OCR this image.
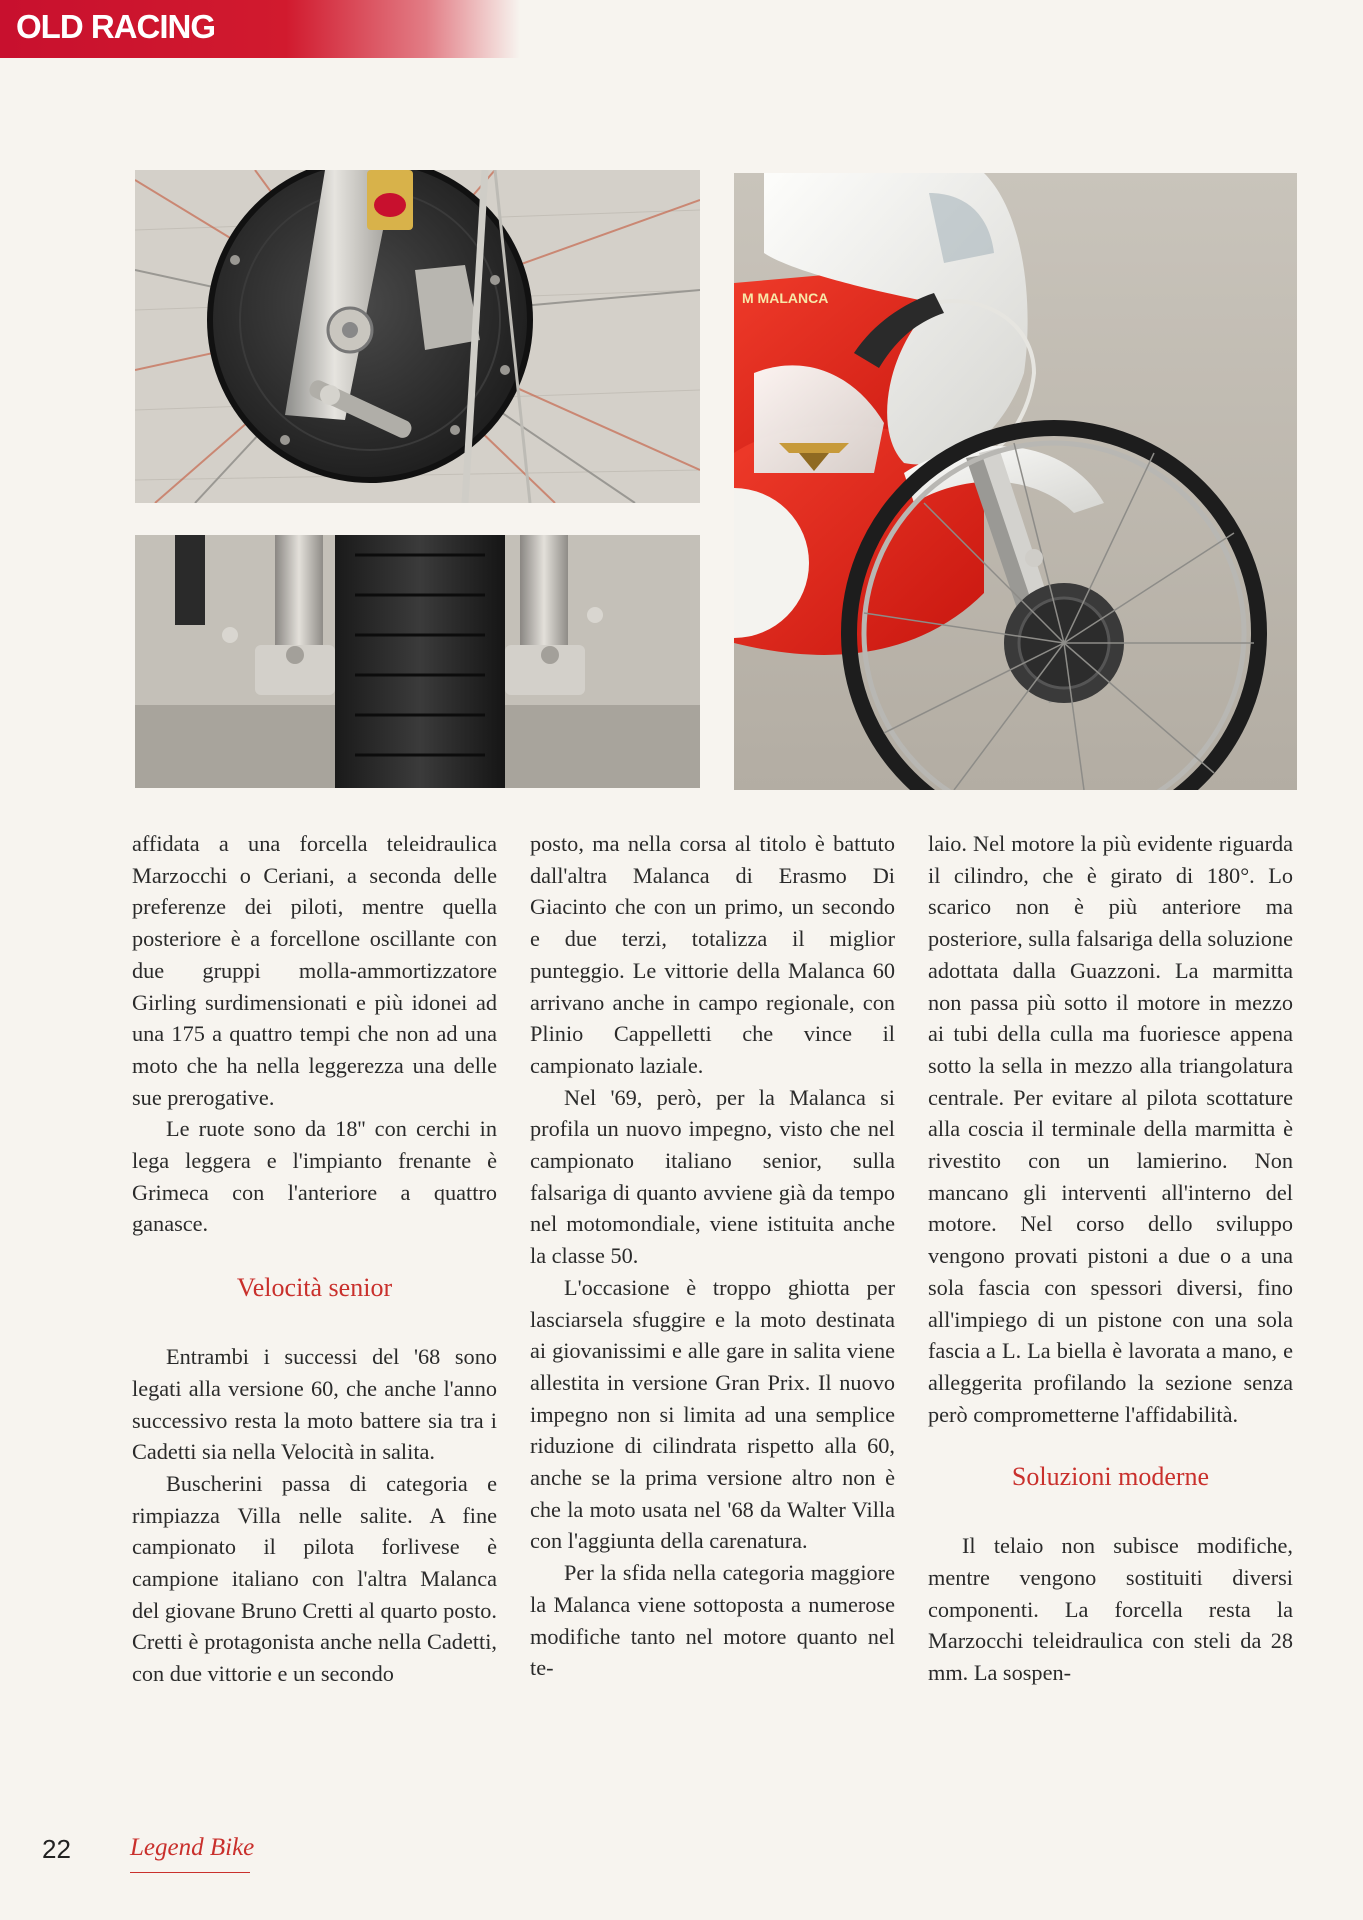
OLD RACING
M MALANCA

affidata a una forcella teleidraulica Marzocchi o Ceriani, a seconda delle preferenze dei piloti, mentre quella posteriore è a forcellone oscillante con due gruppi molla-ammortizzatore Girling surdimensionati e più idonei ad una 175 a quattro tempi che non ad una moto che ha nella leggerezza una delle sue prerogative.

Le ruote sono da 18'' con cerchi in lega leggera e l'impianto frenante è Grimeca con l'anteriore a quattro ganasce.

Velocità senior

Entrambi i successi del '68 sono legati alla versione 60, che anche l'anno successivo resta la moto battere sia tra i Cadetti sia nella Velocità in salita.

Buscherini passa di categoria e rimpiazza Villa nelle salite. A fine campionato il pilota forlivese è campione italiano con l'altra Malanca del giovane Bruno Cretti al quarto posto. Cretti è protagonista anche nella Cadetti, con due vittorie e un secondo

posto, ma nella corsa al titolo è battuto dall'altra Malanca di Erasmo Di Giacinto che con un primo, un secondo e due terzi, totalizza il miglior punteggio. Le vittorie della Malanca 60 arrivano anche in campo regionale, con Plinio Cappelletti che vince il campionato laziale.

Nel '69, però, per la Malanca si profila un nuovo impegno, visto che nel campionato italiano senior, sulla falsariga di quanto avviene già da tempo nel motomondiale, viene istituita anche la classe 50.

L'occasione è troppo ghiotta per lasciarsela sfuggire e la moto destinata ai giovanissimi e alle gare in salita viene allestita in versione Gran Prix. Il nuovo impegno non si limita ad una semplice riduzione di cilindrata rispetto alla 60, anche se la prima versione altro non è che la moto usata nel '68 da Walter Villa con l'aggiunta della carenatura.

Per la sfida nella categoria maggiore la Malanca viene sottoposta a numerose modifiche tanto nel motore quanto nel te-

laio. Nel motore la più evidente riguarda il cilindro, che è girato di 180°. Lo scarico non è più anteriore ma posteriore, sulla falsariga della soluzione adottata dalla Guazzoni. La marmitta non passa più sotto il motore in mezzo ai tubi della culla ma fuoriesce appena sotto la sella in mezzo alla triangolatura centrale. Per evitare al pilota scottature alla coscia il terminale della marmitta è rivestito con un lamierino. Non mancano gli interventi all'interno del motore. Nel corso dello sviluppo vengono provati pistoni a due o a una sola fascia con spessori diversi, fino all'impiego di un pistone con una sola fascia a L. La biella è lavorata a mano, e alleggerita profilando la sezione senza però comprometterne l'affidabilità.

Soluzioni moderne

Il telaio non subisce modifiche, mentre vengono sostituiti diversi componenti. La forcella resta la Marzocchi teleidraulica con steli da 28 mm. La sospen-

22 Legend Bike
